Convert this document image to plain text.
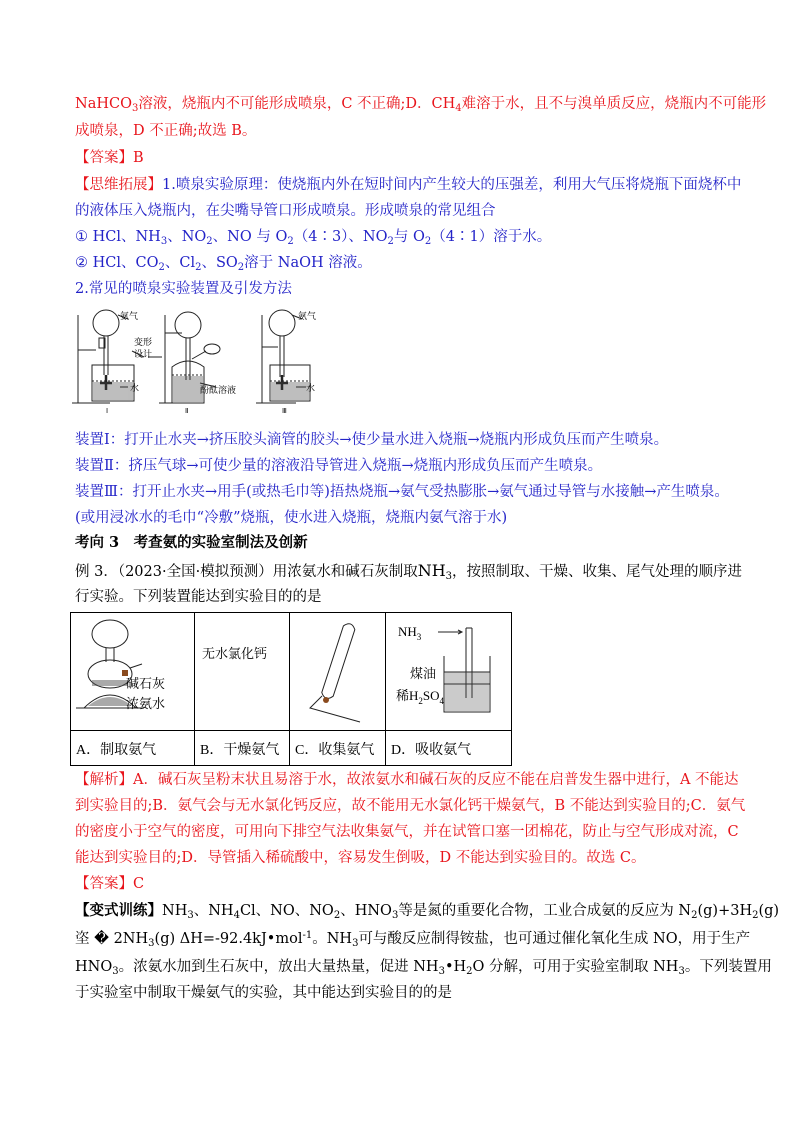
NaHCO$_3$溶液，烧瓶内不可能形成喷泉，C 不正确;D．$CH_4$难溶于水，且不与溴单质反应，烧瓶内不可能形
成喷泉，D 不正确;故选 B。
【答案】B
【思维拓展】1.喷泉实验原理：使烧瓶内外在短时间内产生较大的压强差，利用大气压将烧瓶下面烧杯中
的液体压入烧瓶内，在尖嘴导管口形成喷泉。形成喷泉的常见组合
① HCl、$NH_3$、$NO_2$、NO 与 $O_2(4∶3)$、$NO_2$与 $O_2(4∶1)$溶于水。
② HCl、$CO_2$、$Cl_2$、$SO_2$溶于 NaOH 溶液。
2.常见的喷泉实验装置及引发方法
氨气
变形
设计
酚酞溶液
水
氨气
水
Ⅰ	Ⅱ	Ⅲ
装置Ⅰ：打开止水夹→挤压胶头滴管的胶头→使少量水进入烧瓶→烧瓶内形成负压而产生喷泉。
装置Ⅱ：挤压气球→可使少量的溶液沿导管进入烧瓶→烧瓶内形成负压而产生喷泉。
装置Ⅲ：打开止水夹→用手(或热毛巾等)捂热烧瓶→氨气受热膨胀→氨气通过导管与水接触→产生喷泉。
(或用浸冰水的毛巾“冷敷”烧瓶，使水进入烧瓶，烧瓶内氨气溶于水)
考向 3　考查氨的实验室制法及创新
例 3．（2023·全国·模拟预测）用浓氨水和碱石灰制取$NH_3$，按照制取、干燥、收集、尾气处理的顺序进
行实验。下列装置能达到实验目的的是
碱石灰
浓氨水
无水氯化钙
$NH_3$
煤油
稀$H_2SO_4$
A．制取氨气	B．干燥氨气 C．收集氨气 D．吸收氨气
【解析】A．碱石灰呈粉末状且易溶于水，故浓氨水和碱石灰的反应不能在启普发生器中进行，A 不能达
到实验目的;B．氨气会与无水氯化钙反应，故不能用无水氯化钙干燥氨气，B 不能达到实验目的;C．氨气
的密度小于空气的密度，可用向下排空气法收集氨气，并在试管口塞一团棉花，防止与空气形成对流，C
能达到实验目的;D．导管插入稀硫酸中，容易发生倒吸，D 不能达到实验目的。故选 C。
【答案】C
【变式训练】$NH_3$、$NH_4Cl$、NO、$NO_2$、$HNO_3$等是氮的重要化合物，工业合成氨的反应为 $N_2(g)+3H_2(g)$
垐 � $2NH_3(g)$ ΔH=-92.4kJ•mol$^{-1}$。$NH_3$可与酸反应制得铵盐，也可通过催化氧化生成 NO，用于生产
$HNO_3$。浓氨水加到生石灰中，放出大量热量，促进 $NH_3•H_2O$ 分解，可用于实验室制取 $NH_3$。下列装置用
于实验室中制取干燥氨气的实验，其中能达到实验目的的是
